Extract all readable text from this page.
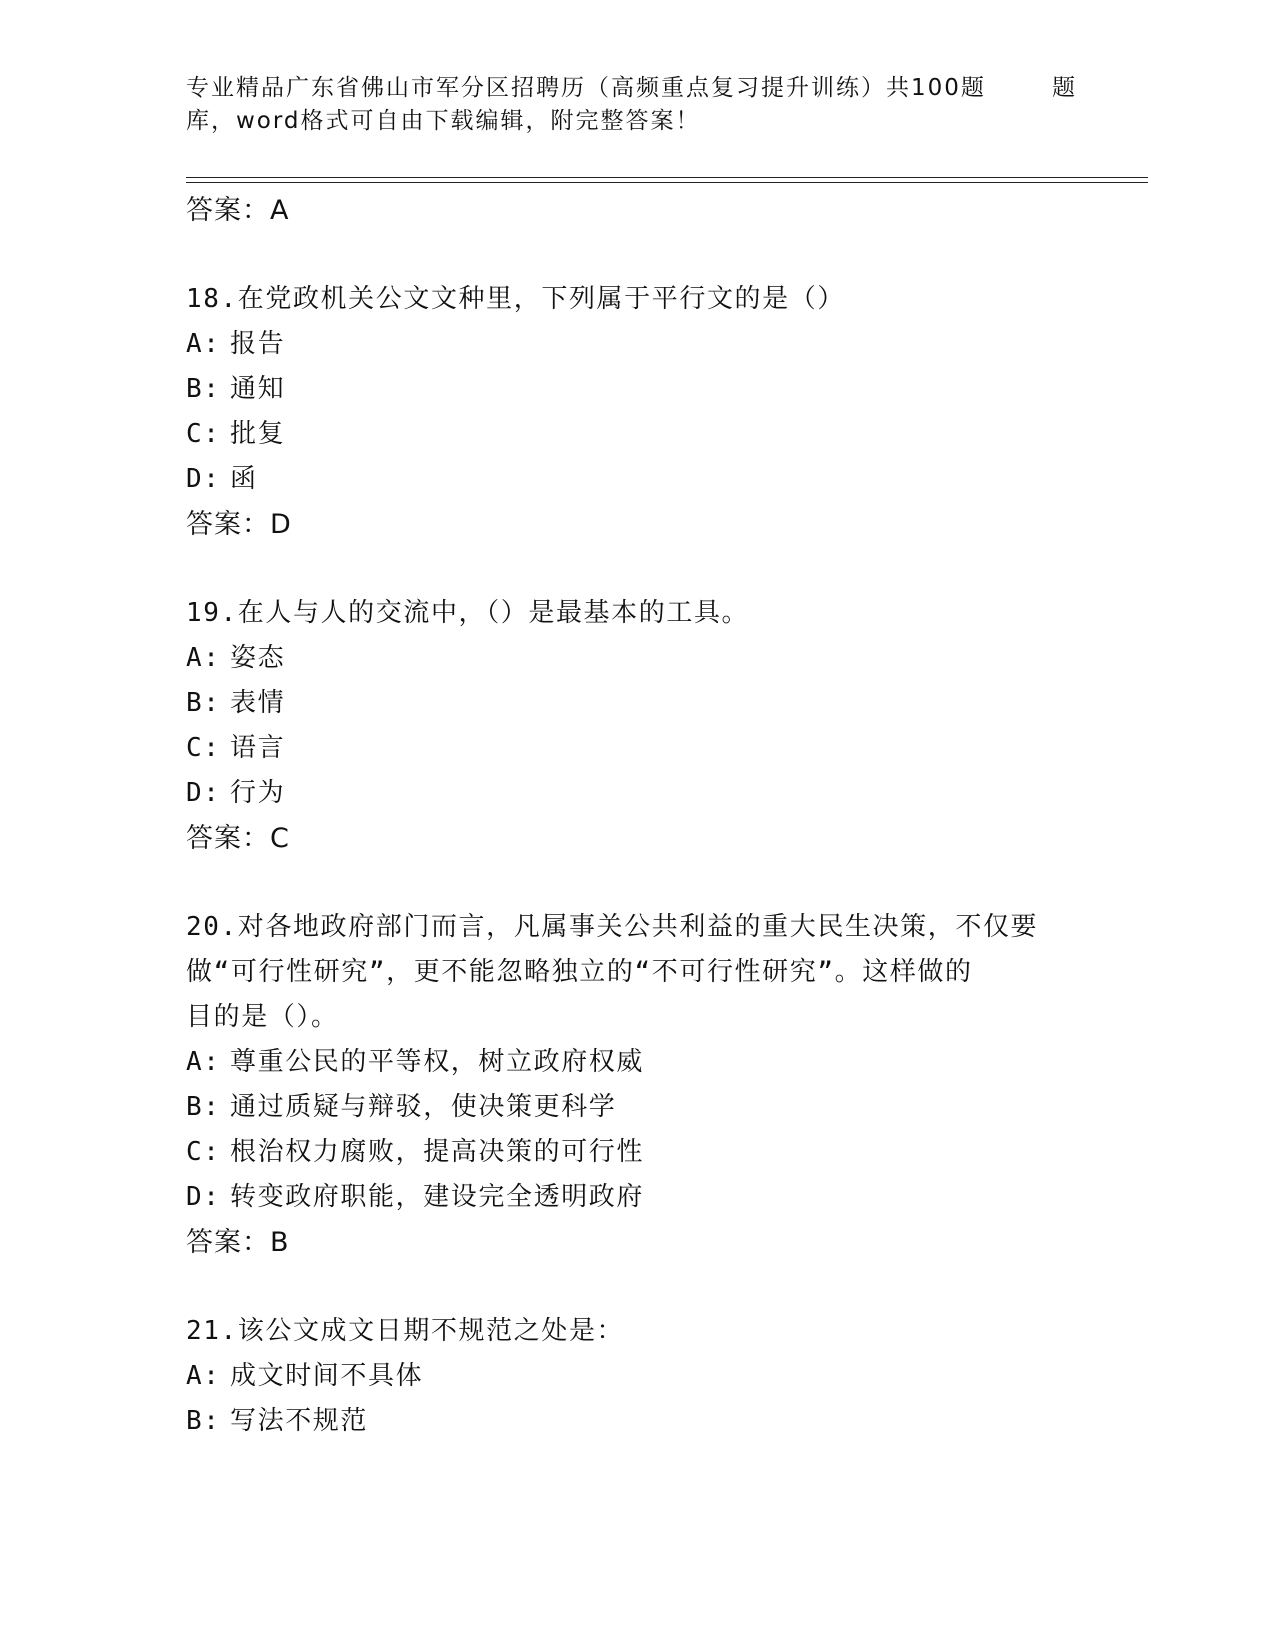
专业精品广东省佛山市军分区招聘历（高频重点复习提升训练）共100题	题
库，word格式可自由下载编辑，附完整答案！
答案：A
18.在党政机关公文文种里，下列属于平行文的是（）
A: 报告
B: 通知
C: 批复
D: 函
答案：D
19.在人与人的交流中，（）是最基本的工具。
A: 姿态
B: 表情
C: 语言
D: 行为
答案：C
20.对各地政府部门而言，凡属事关公共利益的重大民生决策，不仅要
做“可行性研究”，更不能忽略独立的“不可行性研究”。这样做的
目的是（）。
A: 尊重公民的平等权，树立政府权威
B: 通过质疑与辩驳，使决策更科学
C: 根治权力腐败，提高决策的可行性
D: 转变政府职能，建设完全透明政府
答案：B
21.该公文成文日期不规范之处是：
A: 成文时间不具体
B: 写法不规范
